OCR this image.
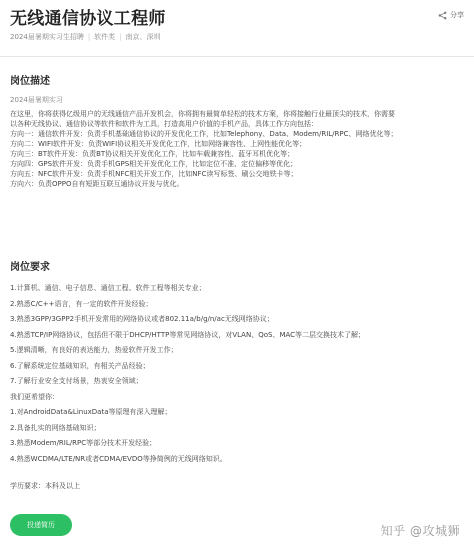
无线通信协议工程师
2024届暑期实习生招聘 | 软件类 | 南京、深圳
分享
岗位描述
2024届暑期实习
在这里，你将获得亿级用户的无线通信产品开发机会，你将拥有最简单轻松的技术方案，你将接触行业最顶尖的技术，你需要
以各种无线协议、通信协议等软件和软件为工具，打造高用户价值的手机产品，具体工作方向包括：
方向一：通信软件开发：负责手机基础通信协议的开发优化工作，比如Telephony、Data、Modem/RIL/RPC、网络优化等；
方向二：WIFI软件开发：负责WIFI协议相关开发优化工作，比如网络兼容性、上网性能优化等；
方向三：BT软件开发：负责BT协议相关开发优化工作，比如车载兼容性、蓝牙耳机优化等；
方向四：GPS软件开发：负责手机GPS相关开发优化工作，比如定位不准、定位偏移等优化；
方向五：NFC软件开发：负责手机NFC相关开发工作，比如NFC读写标签、刷公交地铁卡等；
方向六：负责OPPO自有短距互联互通协议开发与优化。
岗位要求
1.计算机、通信、电子信息、通信工程、软件工程等相关专业；
2.熟悉C/C++语言，有一定的软件开发经验；
3.熟悉3GPP/3GPP2手机开发常用的网络协议或者802.11a/b/g/n/ac无线网络协议；
4.熟悉TCP/IP网络协议，包括但不限于DHCP/HTTP等常见网络协议，对VLAN、QoS、MAC等二层交换技术了解；
5.逻辑清晰，有良好的表达能力，热爱软件开发工作；
6.了解系统定位基础知识，有相关产品经验；
7.了解行业安全支付场景，热衷安全领域；
我们更希望你：
1.对AndroidData&LinuxData等原理有深入理解；
2.具备扎实的网络基础知识；
3.熟悉Modem/RIL/RPC等部分技术开发经验；
4.熟悉WCDMA/LTE/NR或者CDMA/EVDO等挣简例的无线网络知识。
学历要求：本科及以上
投递简历	知乎 @攻城狮
